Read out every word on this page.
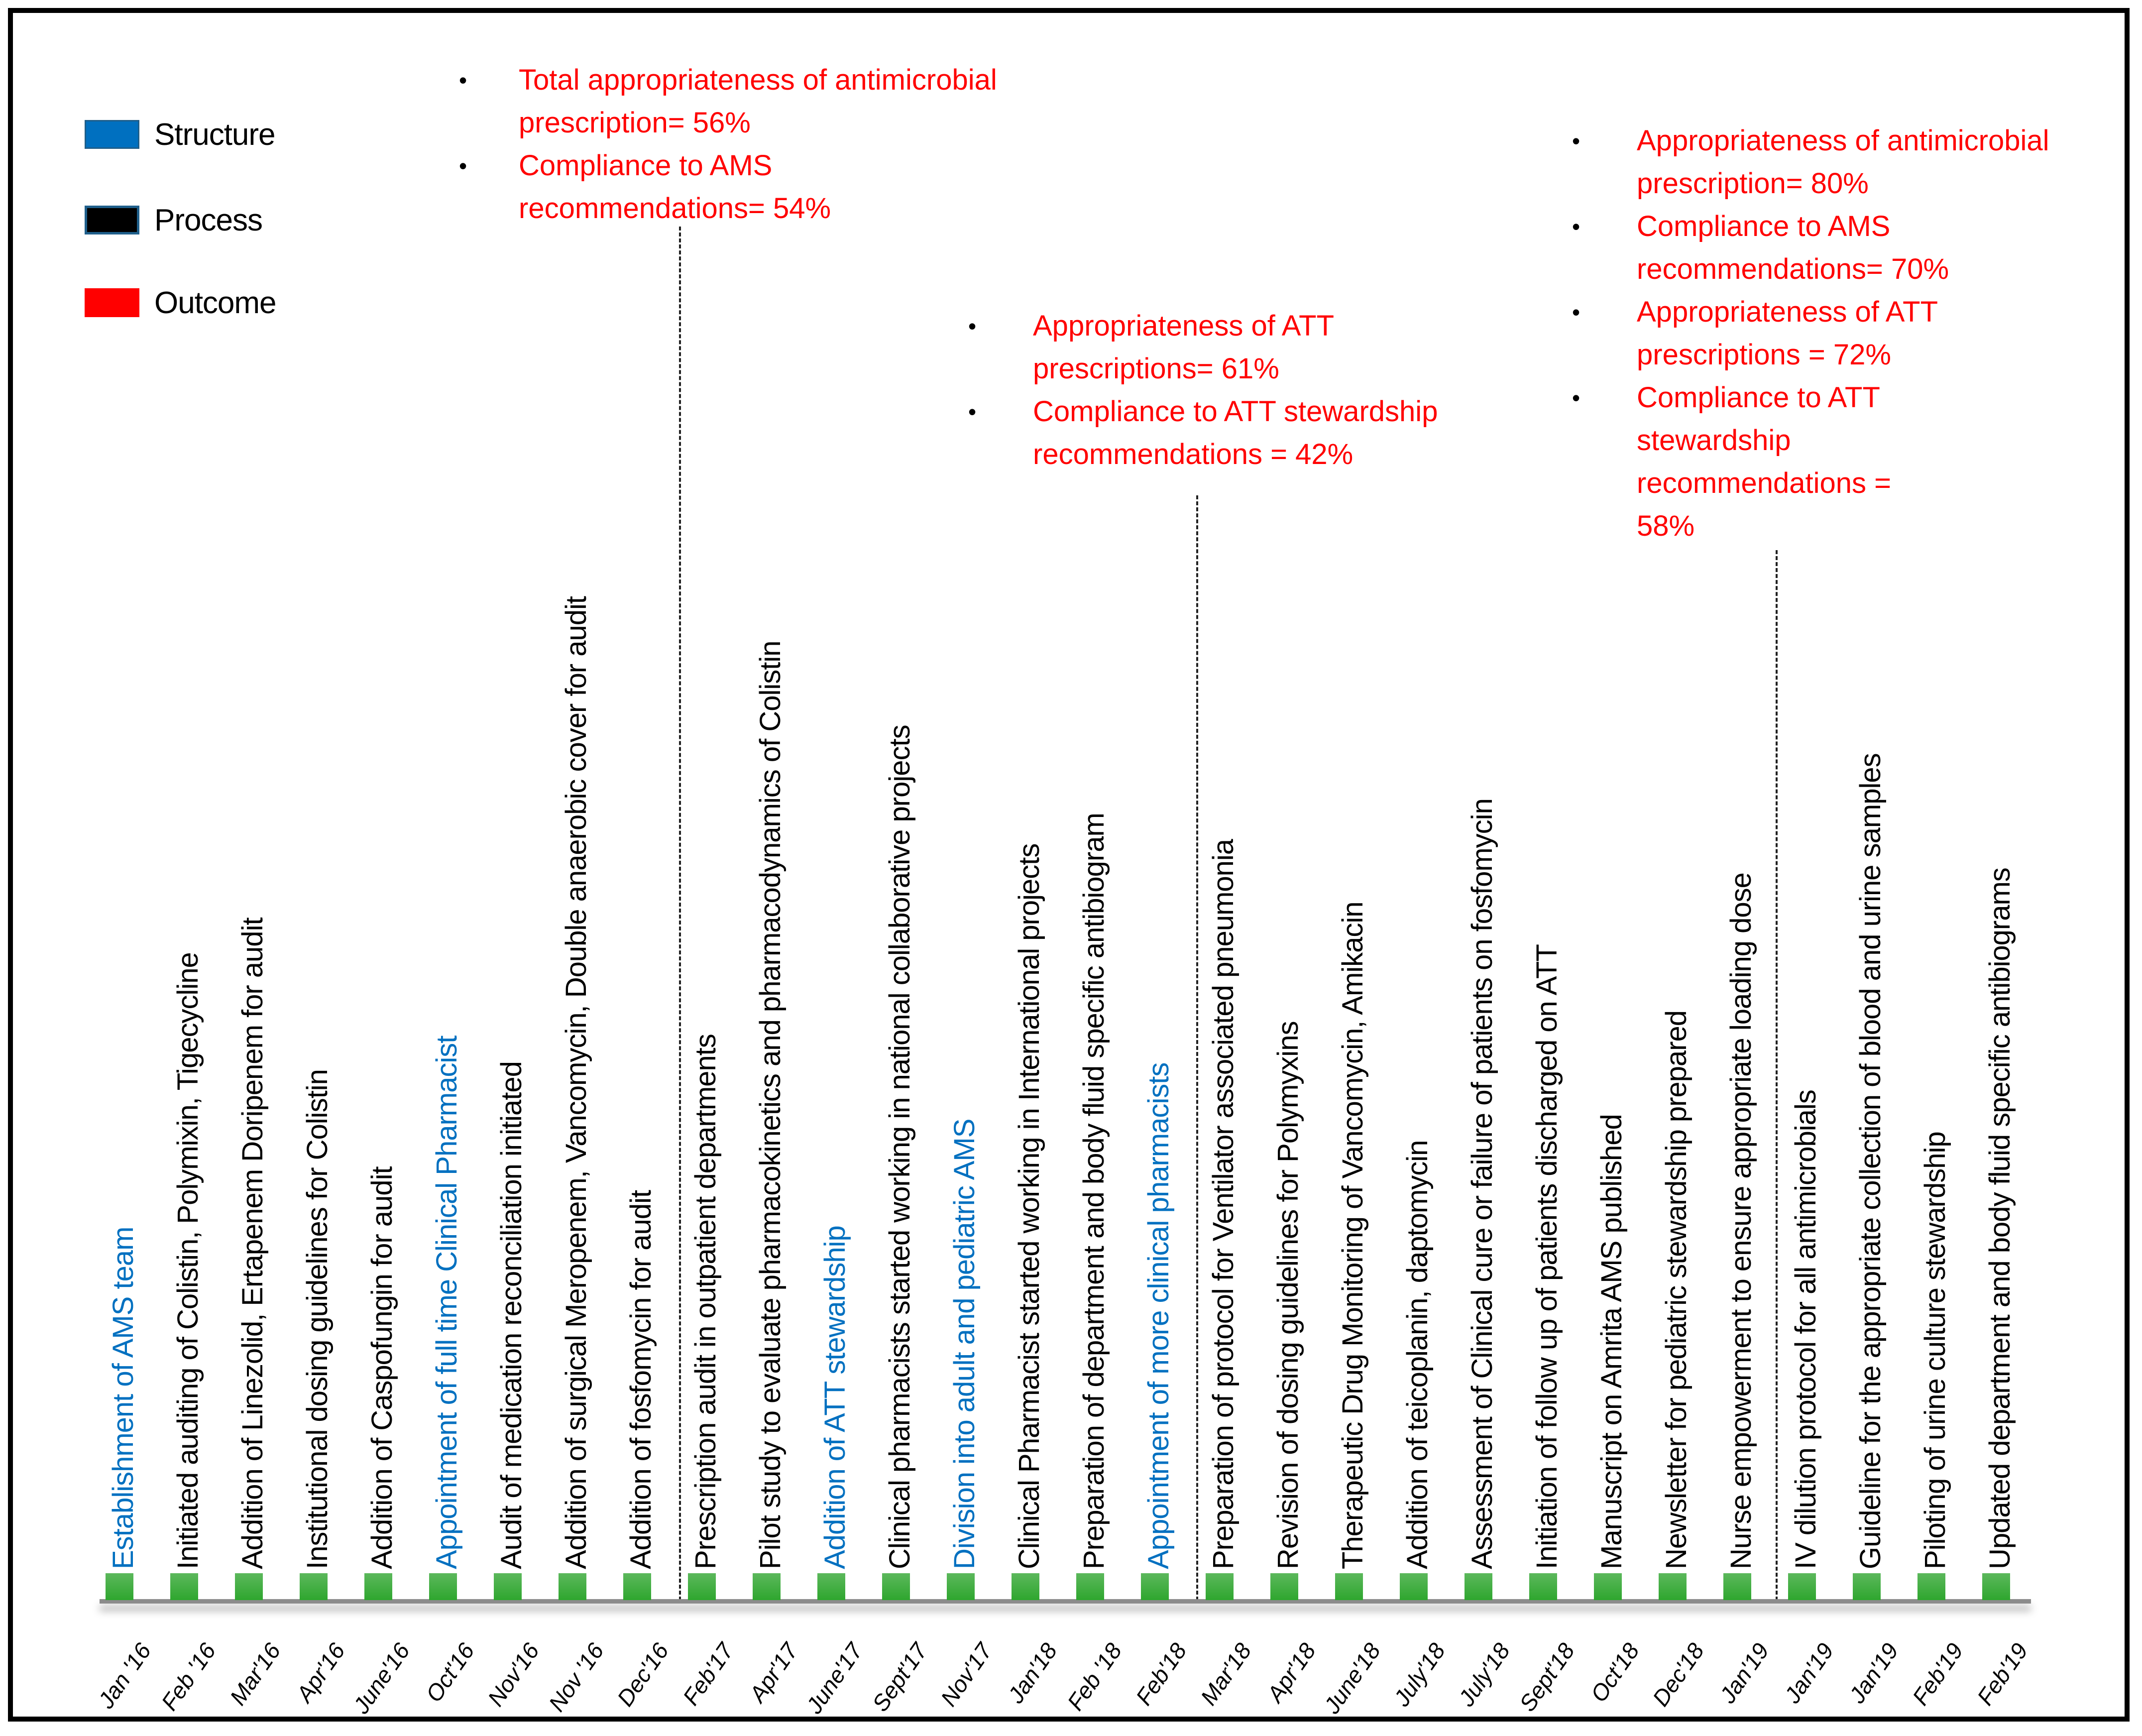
Structure
Process
Outcome
• Total appropriateness of antimicrobial prescription= 56%
• Compliance to AMS recommendations= 54%
• Appropriateness of ATT prescriptions= 61%
• Compliance to ATT stewardship recommendations = 42%
• Appropriateness of antimicrobial prescription= 80%
• Compliance to AMS recommendations= 70%
• Appropriateness of ATT prescriptions = 72%
• Compliance to ATT stewardship recommendations = 58%
Establishment of AMS team
Jan '16
Initiated auditing of Colistin, Polymixin, Tigecycline
Feb '16
Addition of Linezolid, Ertapenem Doripenem for audit
Mar'16
Institutional dosing guidelines for Colistin
Apr'16
Addition of Caspofungin for audit
June'16
Appointment of full time Clinical Pharmacist
Oct'16
Audit of medication reconciliation initiated
Nov'16
Addition of surgical Meropenem, Vancomycin, Double anaerobic cover for audit
Nov '16
Addition of fosfomycin for audit
Dec'16
Prescription audit in outpatient departments
Feb'17
Pilot study to evaluate pharmacokinetics and pharmacodynamics of Colistin
Apr'17
Addition of ATT stewardship
June'17
Clinical pharmacists started working in national collaborative projects
Sept'17
Division into adult and pediatric AMS
Nov'17
Clinical Pharmacist started working in International projects
Jan'18
Preparation of department and body fluid specific antibiogram
Feb '18
Appointment of more clinical pharmacists
Feb'18
Preparation of protocol for Ventilator associated pneumonia
Mar'18
Revision of dosing guidelines for Polymyxins
Apr'18
Therapeutic Drug Monitoring of Vancomycin, Amikacin
June'18
Addition of teicoplanin, daptomycin
July'18
Assessment of Clinical cure or failure of patients on fosfomycin
July'18
Initiation of follow up of patients discharged on ATT
Sept'18
Manuscript on Amrita AMS published
Oct'18
Newsletter for pediatric stewardship prepared
Dec'18
Nurse empowerment to ensure appropriate loading dose
Jan'19
IV dilution protocol for all antimicrobials
Jan'19
Guideline for the appropriate collection of blood and urine samples
Jan'19
Piloting of urine culture stewardship
Feb'19
Updated department and body fluid specific antibiograms
Feb'19
